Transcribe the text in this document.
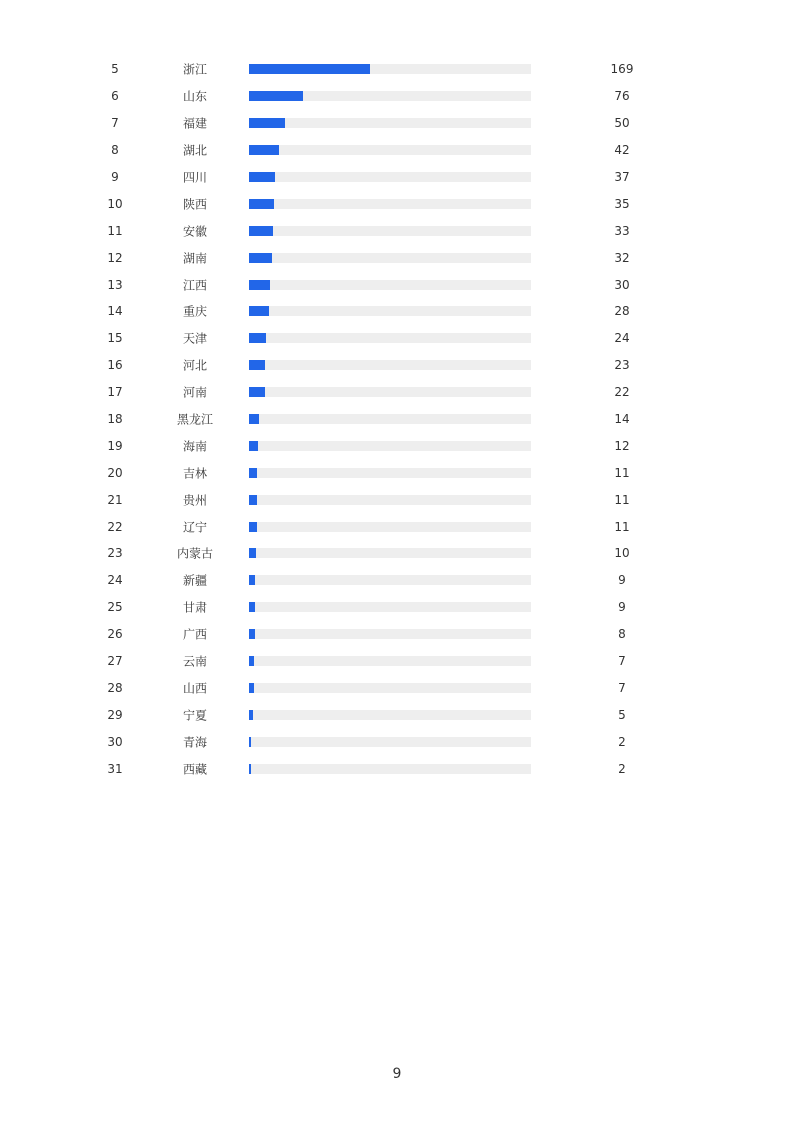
5	浙江	169
6	山东	76
7	福建	50
8	湖北	42
9	四川	37
10	陕西	35
11	安徽	33
12	湖南	32
13	江西	30
14	重庆	28
15	天津	24
16	河北	23
17	河南	22
18	黑龙江	14
19	海南	12
20	吉林	11
21	贵州	11
22	辽宁	11
23	内蒙古	10
24	新疆	9
25	甘肃	9
26	广西	8
27	云南	7
28	山西	7
29	宁夏	5
30	青海	2
31	西藏	2
9
